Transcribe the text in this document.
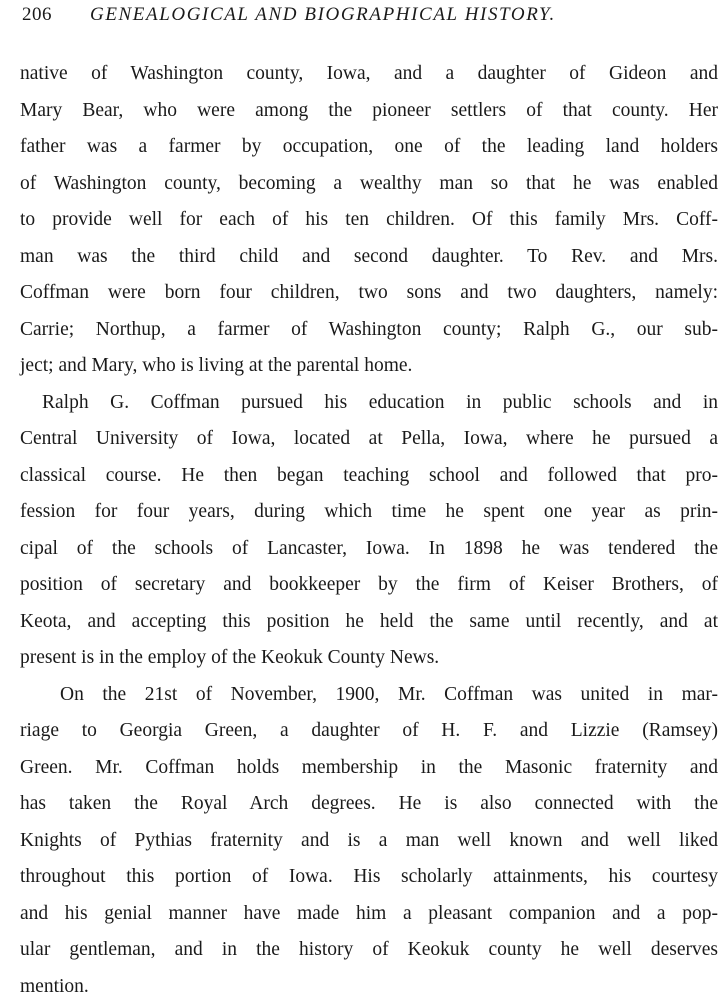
206 GENEALOGICAL AND BIOGRAPHICAL HISTORY.
native of Washington county, Iowa, and a daughter of Gideon and
Mary Bear, who were among the pioneer settlers of that county. Her
father was a farmer by occupation, one of the leading land holders
of Washington county, becoming a wealthy man so that he was enabled
to provide well for each of his ten children. Of this family Mrs. Coff-
man was the third child and second daughter. To Rev. and Mrs.
Coffman were born four children, two sons and two daughters, namely:
Carrie; Northup, a farmer of Washington county; Ralph G., our sub-
ject; and Mary, who is living at the parental home.
Ralph G. Coffman pursued his education in public schools and in
Central University of Iowa, located at Pella, Iowa, where he pursued a
classical course. He then began teaching school and followed that pro-
fession for four years, during which time he spent one year as prin-
cipal of the schools of Lancaster, Iowa. In 1898 he was tendered the
position of secretary and bookkeeper by the firm of Keiser Brothers, of
Keota, and accepting this position he held the same until recently, and at
present is in the employ of the Keokuk County News.
On the 21st of November, 1900, Mr. Coffman was united in mar-
riage to Georgia Green, a daughter of H. F. and Lizzie (Ramsey)
Green. Mr. Coffman holds membership in the Masonic fraternity and
has taken the Royal Arch degrees. He is also connected with the
Knights of Pythias fraternity and is a man well known and well liked
throughout this portion of Iowa. His scholarly attainments, his courtesy
and his genial manner have made him a pleasant companion and a pop-
ular gentleman, and in the history of Keokuk county he well deserves
mention.
